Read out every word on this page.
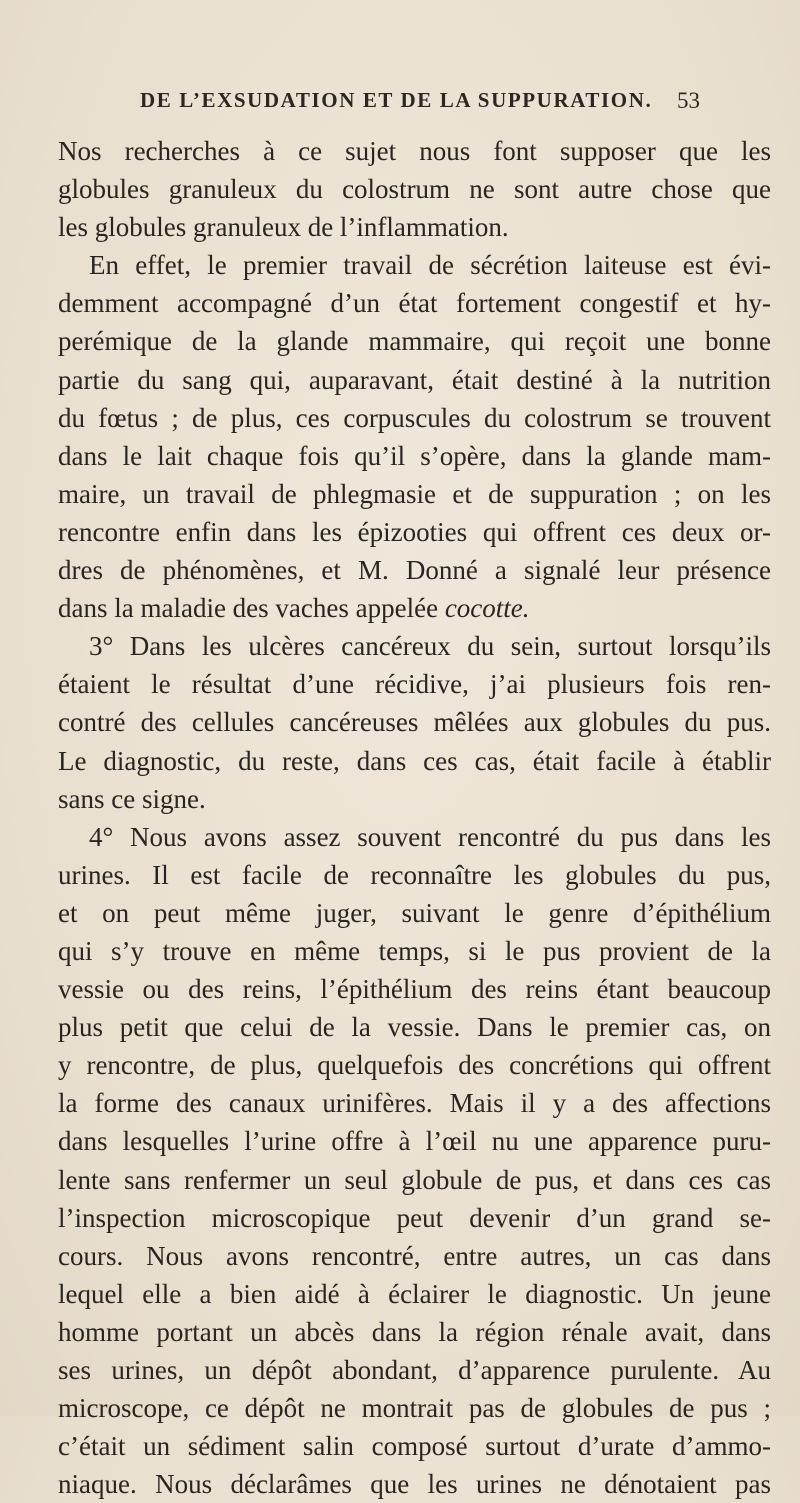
DE L’EXSUDATION ET DE LA SUPPURATION. 53
Nos recherches à ce sujet nous font supposer que les
globules granuleux du colostrum ne sont autre chose que
les globules granuleux de l’inflammation.
En effet, le premier travail de sécrétion laiteuse est évi-
demment accompagné d’un état fortement congestif et hy-
perémique de la glande mammaire, qui reçoit une bonne
partie du sang qui, auparavant, était destiné à la nutrition
du fœtus ; de plus, ces corpuscules du colostrum se trouvent
dans le lait chaque fois qu’il s’opère, dans la glande mam-
maire, un travail de phlegmasie et de suppuration ; on les
rencontre enfin dans les épizooties qui offrent ces deux or-
dres de phénomènes, et M. Donné a signalé leur présence
dans la maladie des vaches appelée cocotte.
3° Dans les ulcères cancéreux du sein, surtout lorsqu’ils
étaient le résultat d’une récidive, j’ai plusieurs fois ren-
contré des cellules cancéreuses mêlées aux globules du pus.
Le diagnostic, du reste, dans ces cas, était facile à établir
sans ce signe.
4° Nous avons assez souvent rencontré du pus dans les
urines. Il est facile de reconnaître les globules du pus,
et on peut même juger, suivant le genre d’épithélium
qui s’y trouve en même temps, si le pus provient de la
vessie ou des reins, l’épithélium des reins étant beaucoup
plus petit que celui de la vessie. Dans le premier cas, on
y rencontre, de plus, quelquefois des concrétions qui offrent
la forme des canaux urinifères. Mais il y a des affections
dans lesquelles l’urine offre à l’œil nu une apparence puru-
lente sans renfermer un seul globule de pus, et dans ces cas
l’inspection microscopique peut devenir d’un grand se-
cours. Nous avons rencontré, entre autres, un cas dans
lequel elle a bien aidé à éclairer le diagnostic. Un jeune
homme portant un abcès dans la région rénale avait, dans
ses urines, un dépôt abondant, d’apparence purulente. Au
microscope, ce dépôt ne montrait pas de globules de pus ;
c’était un sédiment salin composé surtout d’urate d’ammo-
niaque. Nous déclarâmes que les urines ne dénotaient pas
